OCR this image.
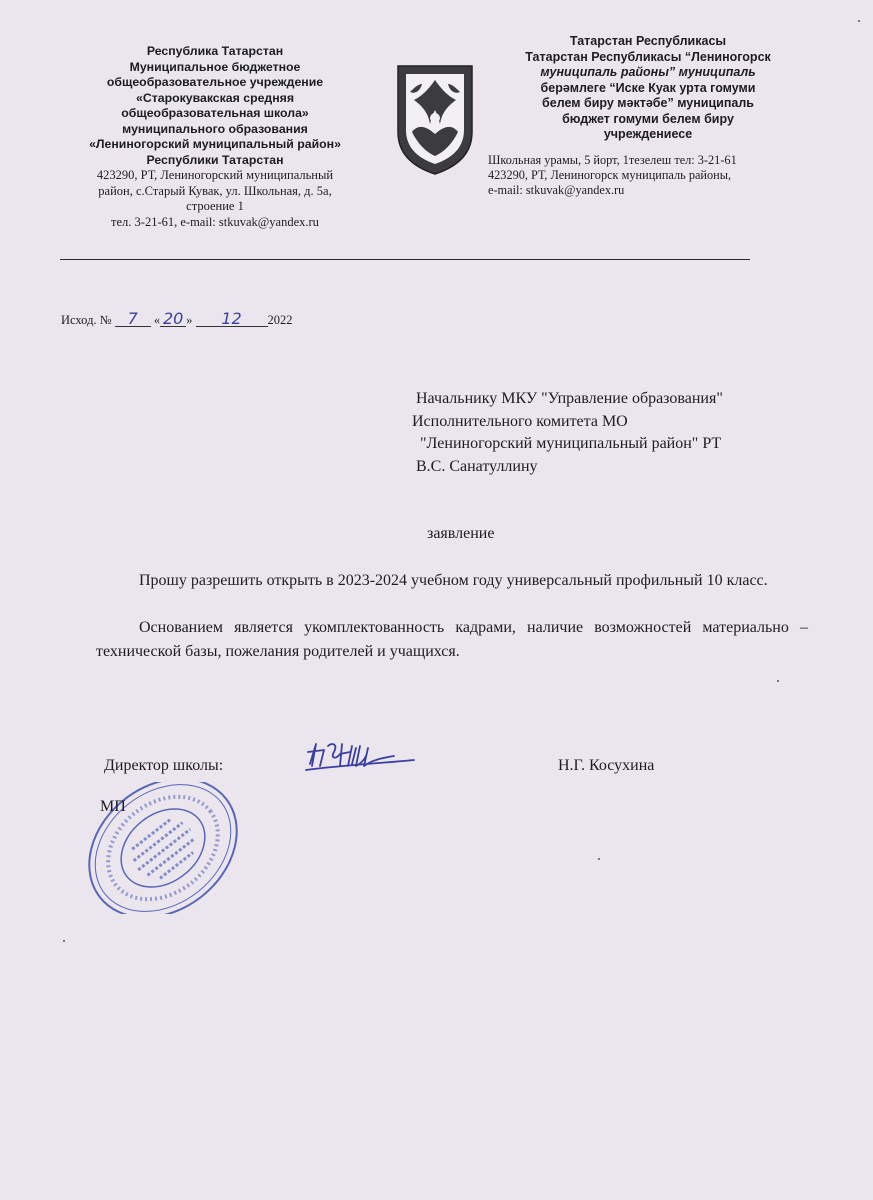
Республика Татарстан
Муниципальное бюджетное
общеобразовательное учреждение
«Старокувакская средняя
общеобразовательная школа»
муниципального образования
«Лениногорский муниципальный район»
Республики Татарстан
423290, РТ, Лениногорский муниципальный
район, с.Старый Кувак, ул. Школьная, д. 5а,
строение 1
тел. 3-21-61, e-mail: stkuvak@yandex.ru
Татарстан Республикасы
Татарстан Республикасы “Лениногорск
муниципаль районы” муниципаль
берәмлеге “Иске Куак урта гомуми
белем биру мәктәбе” муниципаль
бюджет гомуми белем биру
учреждениесе
Школьная урамы, 5 йорт, 1тезелеш тел: 3-21-61
423290, РТ, Лениногорск муниципаль районы,
e-mail: stkuvak@yandex.ru
Исход. № 7 « 20 » 12 2022
Начальнику МКУ "Управление образования"
Исполнительного комитета МО
"Лениногорский муниципальный район" РТ
В.С. Санатуллину
заявление

Прошу разрешить открыть в 2023-2024 учебном году универсальный профильный 10 класс.

Основанием является укомплектованность кадрами, наличие возможностей материально – технической базы, пожелания родителей и учащихся.

Директор школы:	Н.Г. Косухина
МП
